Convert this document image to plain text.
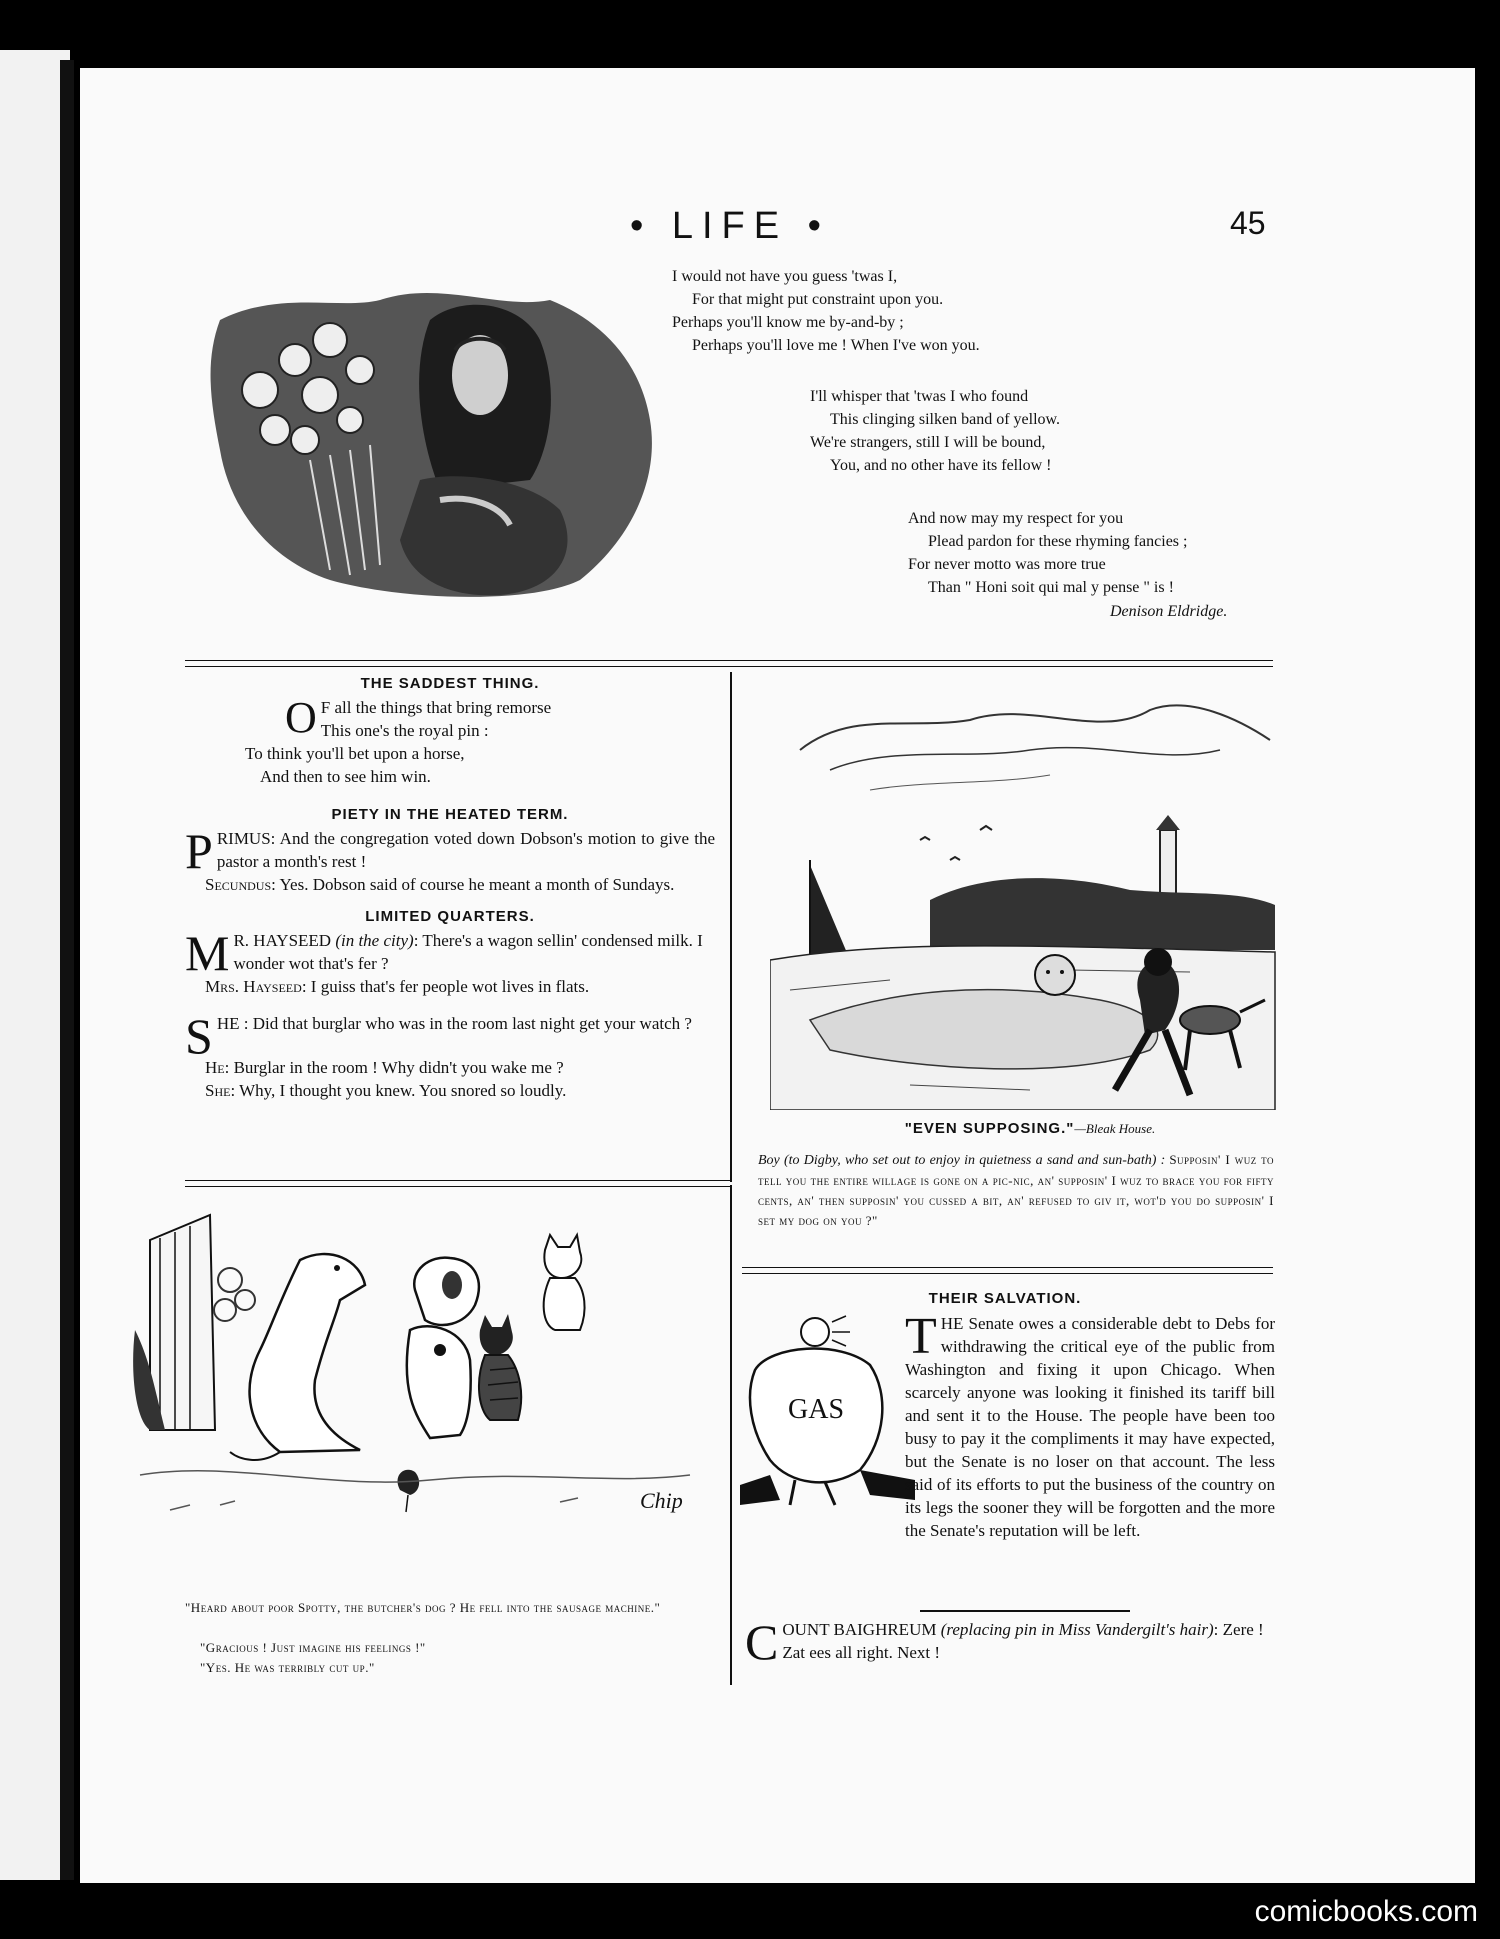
• LIFE •	45
I would not have you guess 'twas I,
For that might put constraint upon you.
Perhaps you'll know me by-and-by ;
Perhaps you'll love me ! When I've won you.
I'll whisper that 'twas I who found
This clinging silken band of yellow.
We're strangers, still I will be bound,
You, and no other have its fellow !
And now may my respect for you
Plead pardon for these rhyming fancies ;
For never motto was more true
Than " Honi soit qui mal y pense " is !
Denison Eldridge.
THE SADDEST THING.
O F all the things that bring remorse
This one's the royal pin :
To think you'll bet upon a horse,
And then to see him win.
PIETY IN THE HEATED TERM.
PRIMUS: And the congregation voted down Dobson's motion to give the pastor a month's rest !
Secundus: Yes. Dobson said of course he meant a month of Sundays.
LIMITED QUARTERS.
M R. HAYSEED (in the city): There's a wagon sellin' condensed milk. I wonder wot that's fer ?
Mrs. Hayseed: I guiss that's fer people wot lives in flats.
SHE : Did that burglar who was in the room last night get your watch ?
He: Burglar in the room ! Why didn't you wake me ?
She: Why, I thought you knew. You snored so loudly.
"EVEN SUPPOSING."—Bleak House.
Boy (to Digby, who set out to enjoy in quietness a sand and sun-bath) : Supposin' I wuz to tell you the entire willage is gone on a pic-nic, an' supposin' I wuz to brace you for fifty cents, an' then supposin' you cussed a bit, an' refused to giv it, wot'd you do supposin' I set my dog on you ?"
Chip
"Heard about poor Spotty, the butcher's dog ? He fell into the sausage machine."
"Gracious ! Just imagine his feelings !"
"Yes. He was terribly cut up."
THEIR SALVATION.
GAS
THE Senate owes a considerable debt to Debs for withdrawing the critical eye of the public from Washington and fixing it upon Chicago. When scarcely anyone was looking it finished its tariff bill and sent it to the House. The people have been too busy to pay it the compliments it may have expected, but the Senate is no loser on that account. The less said of its efforts to put the business of the country on its legs the sooner they will be forgotten and the more the Senate's reputation will be left.
COUNT BAIGHREUM (replacing pin in Miss Vandergilt's hair): Zere ! Zat ees all right. Next !
comicbooks.com
